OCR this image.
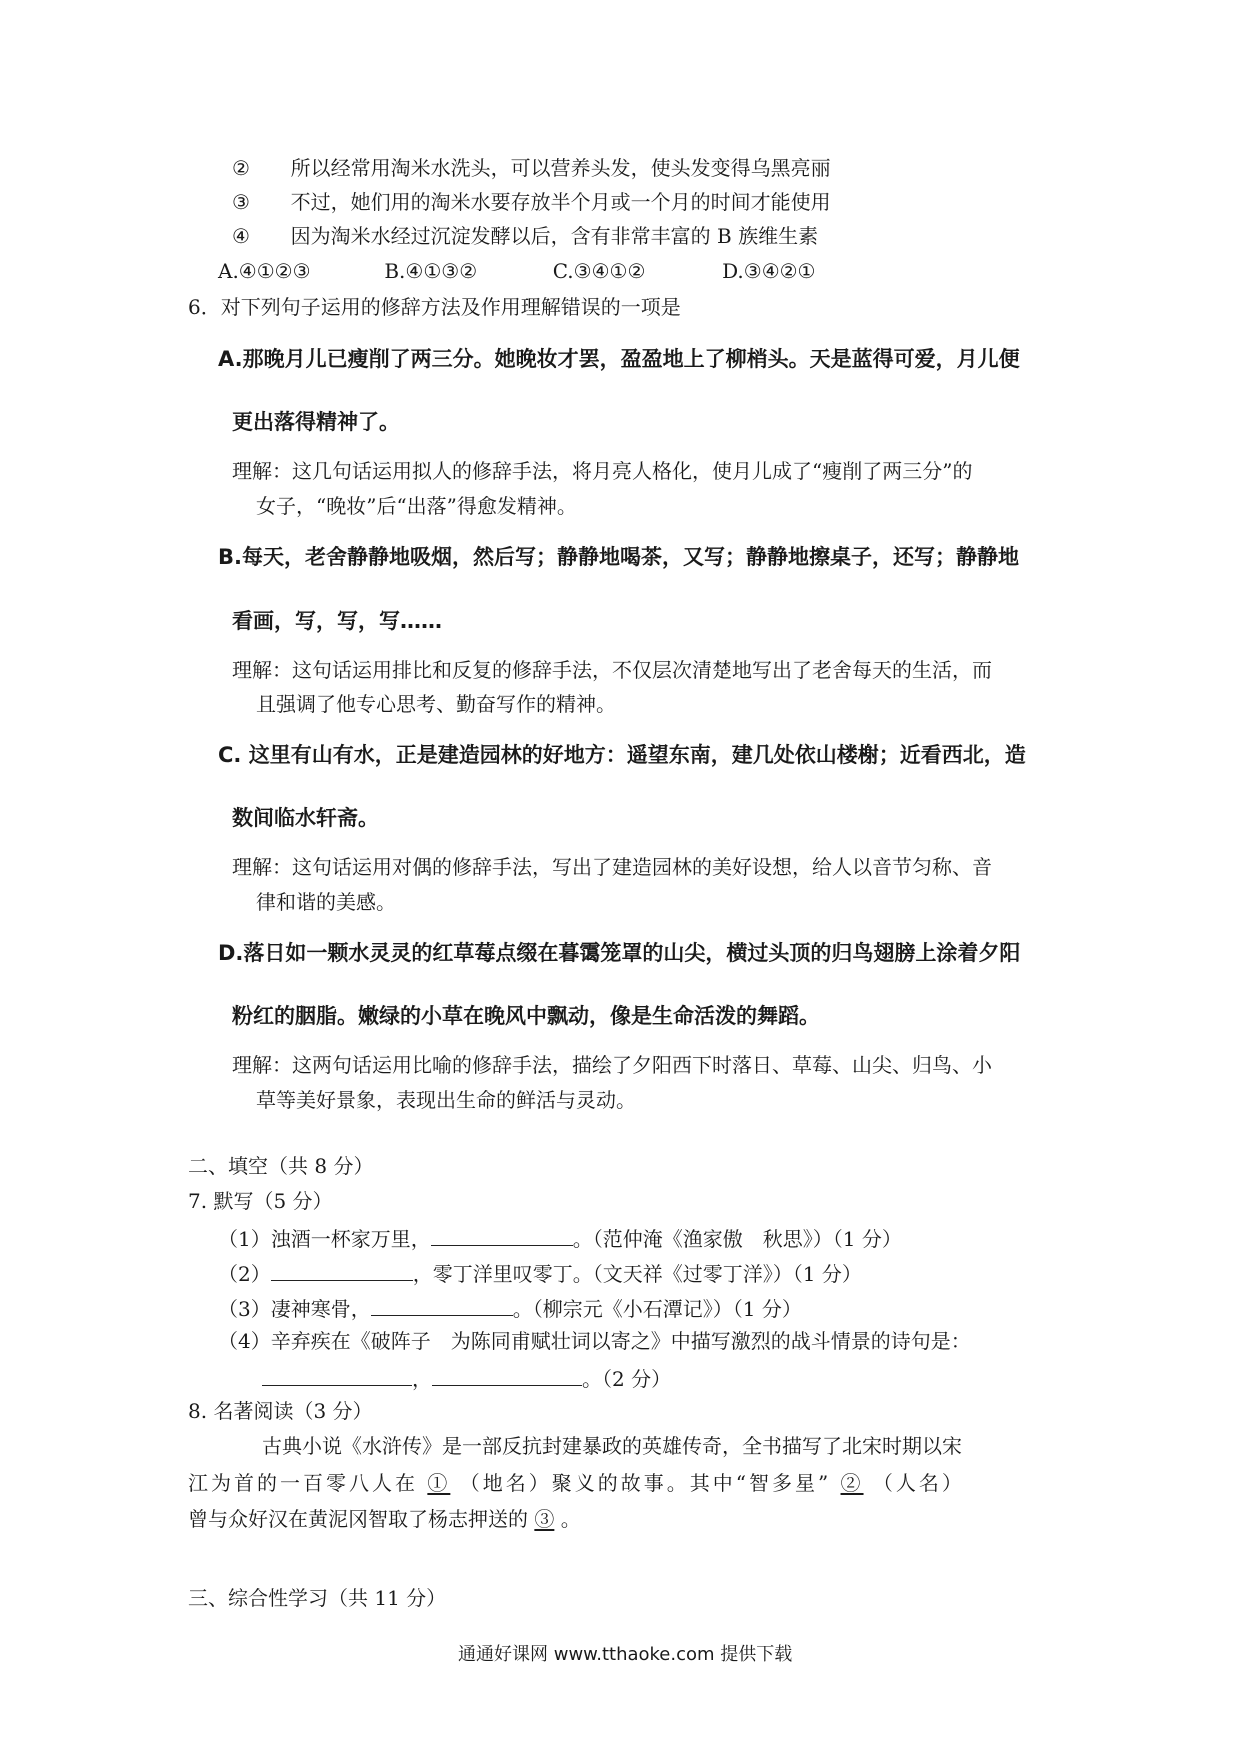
② 所以经常用淘米水洗头，可以营养头发，使头发变得乌黑亮丽
③ 不过，她们用的淘米水要存放半个月或一个月的时间才能使用
④ 因为淘米水经过沉淀发酵以后，含有非常丰富的 B 族维生素
A.④①②③	B.④①③②	C.③④①②	D.③④②①
6．对下列句子运用的修辞方法及作用理解错误的一项是
A.那晚月儿已瘦削了两三分。她晚妆才罢，盈盈地上了柳梢头。天是蓝得可爱，月儿便
更出落得精神了。
理解：这几句话运用拟人的修辞手法，将月亮人格化，使月儿成了“瘦削了两三分”的
女子，“晚妆”后“出落”得愈发精神。
B.每天，老舍静静地吸烟，然后写；静静地喝茶，又写；静静地擦桌子，还写；静静地
看画，写，写，写……
理解：这句话运用排比和反复的修辞手法，不仅层次清楚地写出了老舍每天的生活，而
且强调了他专心思考、勤奋写作的精神。
C. 这里有山有水，正是建造园林的好地方：遥望东南，建几处依山楼榭；近看西北，造
数间临水轩斋。
理解：这句话运用对偶的修辞手法，写出了建造园林的美好设想，给人以音节匀称、音
律和谐的美感。
D.落日如一颗水灵灵的红草莓点缀在暮霭笼罩的山尖，横过头顶的归鸟翅膀上涂着夕阳
粉红的胭脂。嫩绿的小草在晚风中飘动，像是生命活泼的舞蹈。
理解：这两句话运用比喻的修辞手法，描绘了夕阳西下时落日、草莓、山尖、归鸟、小
草等美好景象，表现出生命的鲜活与灵动。
二、填空（共 8 分）
7. 默写（5 分）
（1）浊酒一杯家万里，	。（范仲淹《渔家傲　秋思》）（1 分）
（2）	，零丁洋里叹零丁。（文天祥《过零丁洋》）（1 分）
（3）凄神寒骨，	。（柳宗元《小石潭记》）（1 分）
（4）辛弃疾在《破阵子　为陈同甫赋壮词以寄之》中描写激烈的战斗情景的诗句是：
，	。（2 分）
8. 名著阅读（3 分）
古典小说《水浒传》是一部反抗封建暴政的英雄传奇，全书描写了北宋时期以宋
江为首的一百零八人在 ① （地名）聚义的故事。其中“智多星” ② （人名）
曾与众好汉在黄泥冈智取了杨志押送的 ③ 。
三、综合性学习（共 11 分）
通通好课网 www.tthaoke.com 提供下载
